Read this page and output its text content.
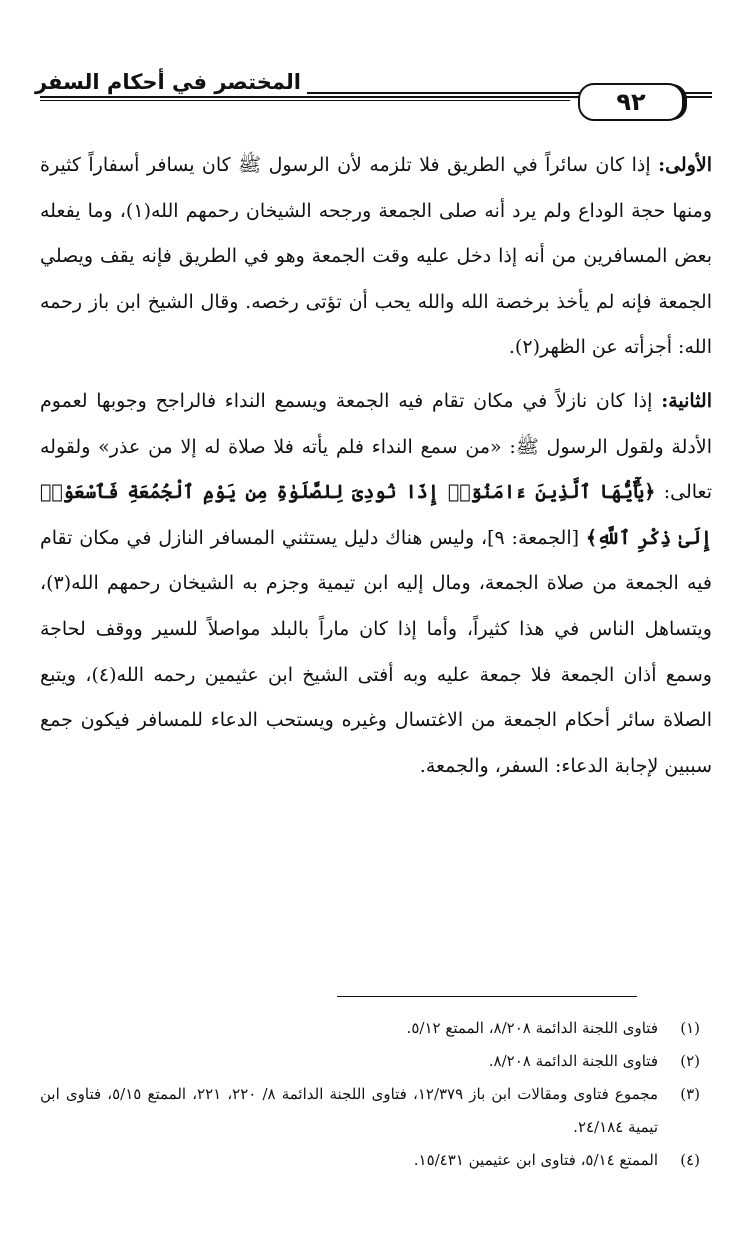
المختصر في أحكام السفر
٩٢

الأولى: إذا كان سائراً في الطريق فلا تلزمه لأن الرسول ﷺ كان يسافر أسفاراً كثيرة ومنها حجة الوداع ولم يرد أنه صلى الجمعة ورجحه الشيخان رحمهم الله(١)، وما يفعله بعض المسافرين من أنه إذا دخل عليه وقت الجمعة وهو في الطريق فإنه يقف ويصلي الجمعة فإنه لم يأخذ برخصة الله والله يحب أن تؤتى رخصه. وقال الشيخ ابن باز رحمه الله: أجزأته عن الظهر(٢).

الثانية: إذا كان نازلاً في مكان تقام فيه الجمعة ويسمع النداء فالراجح وجوبها لعموم الأدلة ولقول الرسول ﷺ: «من سمع النداء فلم يأته فلا صلاة له إلا من عذر» ولقوله تعالى: ﴿يَٰٓأَيُّهَا ٱلَّذِينَ ءَامَنُوٓا۟ إِذَا نُودِىَ لِلصَّلَوٰةِ مِن يَوْمِ ٱلْجُمُعَةِ فَٱسْعَوْا۟ إِلَىٰ ذِكْرِ ٱللَّهِ﴾ [الجمعة: ٩]، وليس هناك دليل يستثني المسافر النازل في مكان تقام فيه الجمعة من صلاة الجمعة، ومال إليه ابن تيمية وجزم به الشيخان رحمهم الله(٣)، ويتساهل الناس في هذا كثيراً، وأما إذا كان ماراً بالبلد مواصلاً للسير ووقف لحاجة وسمع أذان الجمعة فلا جمعة عليه وبه أفتى الشيخ ابن عثيمين رحمه الله(٤)، ويتبع الصلاة سائر أحكام الجمعة من الاغتسال وغيره ويستحب الدعاء للمسافر فيكون جمع سببين لإجابة الدعاء: السفر، والجمعة.

(١)
فتاوى اللجنة الدائمة ٨/٢٠٨، الممتع ٥/١٢.
(٢)
فتاوى اللجنة الدائمة ٨/٢٠٨.
(٣)
مجموع فتاوى ومقالات ابن باز ١٢/٣٧٩، فتاوى اللجنة الدائمة ٨/ ٢٢٠، ٢٢١، الممتع ٥/١٥، فتاوى ابن تيمية ٢٤/١٨٤.
(٤)
الممتع ٥/١٤، فتاوى ابن عثيمين ١٥/٤٣١.
